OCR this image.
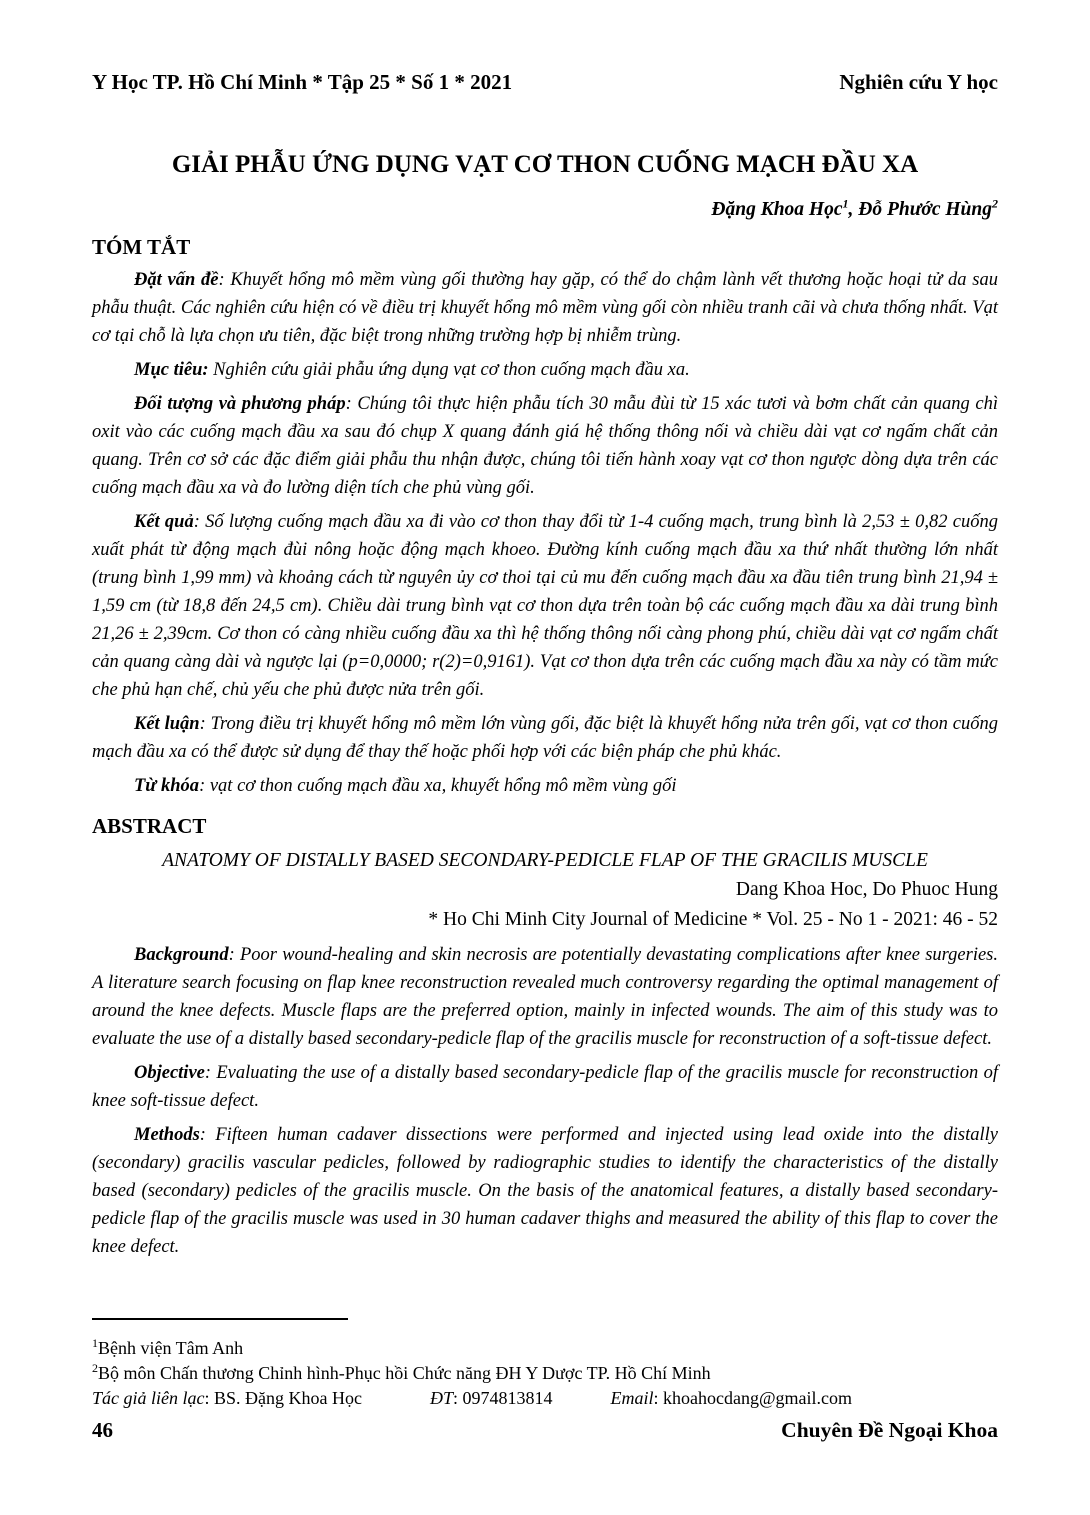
Y Học TP. Hồ Chí Minh * Tập 25 * Số 1 * 2021	Nghiên cứu Y học
GIẢI PHẪU ỨNG DỤNG VẠT CƠ THON CUỐNG MẠCH ĐẦU XA
Đặng Khoa Học$^1$, Đỗ Phước Hùng$^2$
TÓM TẮT

Đặt vấn đề: Khuyết hổng mô mềm vùng gối thường hay gặp, có thể do chậm lành vết thương hoặc hoại tử da sau phẫu thuật. Các nghiên cứu hiện có về điều trị khuyết hổng mô mềm vùng gối còn nhiều tranh cãi và chưa thống nhất. Vạt cơ tại chỗ là lựa chọn ưu tiên, đặc biệt trong những trường hợp bị nhiễm trùng.

Mục tiêu: Nghiên cứu giải phẫu ứng dụng vạt cơ thon cuống mạch đầu xa.

Đối tượng và phương pháp: Chúng tôi thực hiện phẫu tích 30 mẫu đùi từ 15 xác tươi và bơm chất cản quang chì oxit vào các cuống mạch đầu xa sau đó chụp X quang đánh giá hệ thống thông nối và chiều dài vạt cơ ngấm chất cản quang. Trên cơ sở các đặc điểm giải phẫu thu nhận được, chúng tôi tiến hành xoay vạt cơ thon ngược dòng dựa trên các cuống mạch đầu xa và đo lường diện tích che phủ vùng gối.

Kết quả: Số lượng cuống mạch đầu xa đi vào cơ thon thay đổi từ 1-4 cuống mạch, trung bình là 2,53 ± 0,82 cuống xuất phát từ động mạch đùi nông hoặc động mạch khoeo. Đường kính cuống mạch đầu xa thứ nhất thường lớn nhất (trung bình 1,99 mm) và khoảng cách từ nguyên ủy cơ thoi tại củ mu đến cuống mạch đầu xa đầu tiên trung bình 21,94 ± 1,59 cm (từ 18,8 đến 24,5 cm). Chiều dài trung bình vạt cơ thon dựa trên toàn bộ các cuống mạch đầu xa dài trung bình 21,26 ± 2,39cm. Cơ thon có càng nhiều cuống đầu xa thì hệ thống thông nối càng phong phú, chiều dài vạt cơ ngấm chất cản quang càng dài và ngược lại (p=0,0000; r(2)=0,9161). Vạt cơ thon dựa trên các cuống mạch đầu xa này có tầm mức che phủ hạn chế, chủ yếu che phủ được nửa trên gối.

Kết luận: Trong điều trị khuyết hổng mô mềm lớn vùng gối, đặc biệt là khuyết hổng nửa trên gối, vạt cơ thon cuống mạch đầu xa có thể được sử dụng để thay thế hoặc phối hợp với các biện pháp che phủ khác.

Từ khóa: vạt cơ thon cuống mạch đầu xa, khuyết hổng mô mềm vùng gối

ABSTRACT
ANATOMY OF DISTALLY BASED SECONDARY-PEDICLE FLAP OF THE GRACILIS MUSCLE
Dang Khoa Hoc, Do Phuoc Hung
* Ho Chi Minh City Journal of Medicine * Vol. 25 - No 1 - 2021: 46 - 52

Background: Poor wound-healing and skin necrosis are potentially devastating complications after knee surgeries. A literature search focusing on flap knee reconstruction revealed much controversy regarding the optimal management of around the knee defects. Muscle flaps are the preferred option, mainly in infected wounds. The aim of this study was to evaluate the use of a distally based secondary-pedicle flap of the gracilis muscle for reconstruction of a soft-tissue defect.

Objective: Evaluating the use of a distally based secondary-pedicle flap of the gracilis muscle for reconstruction of knee soft-tissue defect.

Methods: Fifteen human cadaver dissections were performed and injected using lead oxide into the distally (secondary) gracilis vascular pedicles, followed by radiographic studies to identify the characteristics of the distally based (secondary) pedicles of the gracilis muscle. On the basis of the anatomical features, a distally based secondary-pedicle flap of the gracilis muscle was used in 30 human cadaver thighs and measured the ability of this flap to cover the knee defect.

$^1$Bệnh viện Tâm Anh
$^2$Bộ môn Chấn thương Chỉnh hình-Phục hồi Chức năng ĐH Y Dược TP. Hồ Chí Minh
Tác giả liên lạc: BS. Đặng Khoa Học	ĐT: 0974813814	Email: khoahocdang@gmail.com
46	Chuyên Đề Ngoại Khoa
